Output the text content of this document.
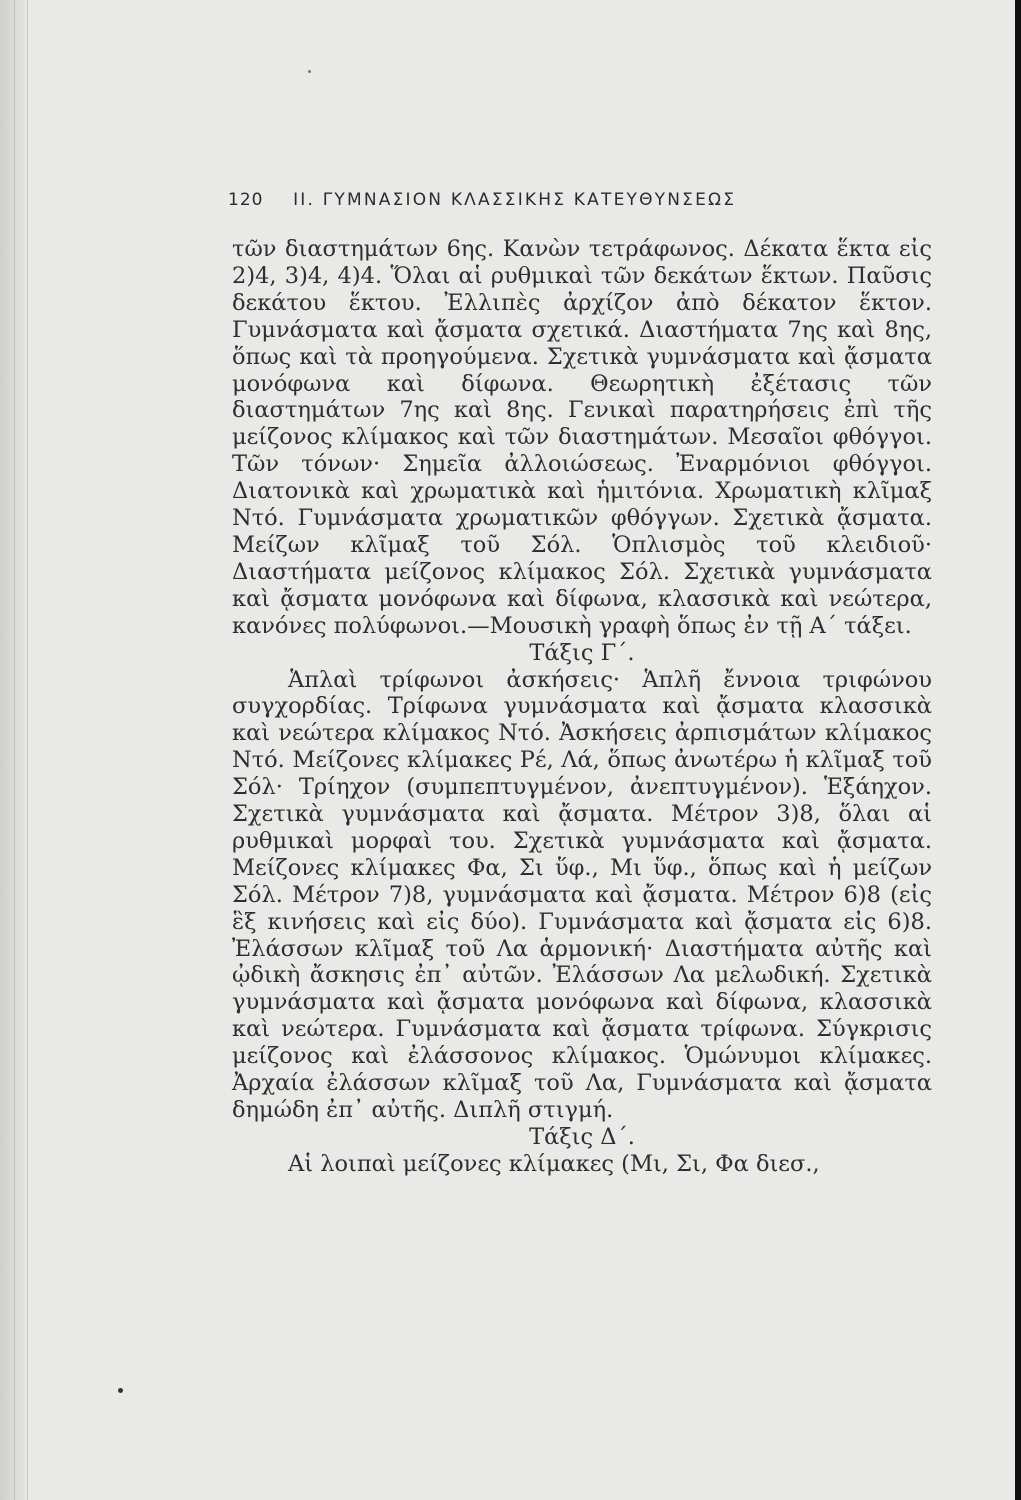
120 II. ΓΥΜΝΑΣΙΟΝ ΚΛΑΣΣΙΚΗΣ ΚΑΤΕΥΘΥΝΣΕΩΣ

τῶν διαστημάτων 6ης. Κανὼν τετράφωνος. Δέκατα ἕκτα εἰς 2)4, 3)4, 4)4. Ὅλαι αἱ ρυθμικαὶ τῶν δεκάτων ἕκτων. Παῦσις δεκάτου ἕκτου. Ἐλλιπὲς ἀρχίζον ἀπὸ δέκατον ἕκτον. Γυμνάσματα καὶ ᾄσματα σχετικά. Διαστήματα 7ης καὶ 8ης, ὅπως καὶ τὰ προηγούμενα. Σχετικὰ γυμνάσματα καὶ ᾄσματα μονόφωνα καὶ δίφωνα. Θεωρητικὴ ἐξέτασις τῶν διαστημάτων 7ης καὶ 8ης. Γενικαὶ παρατηρήσεις ἐπὶ τῆς μείζονος κλίμακος καὶ τῶν διαστημάτων. Μεσαῖοι φθόγγοι. Τῶν τόνων· Σημεῖα ἀλλοιώσεως. Ἐναρμόνιοι φθόγγοι. Διατονικὰ καὶ χρωματικὰ καὶ ἡμιτόνια. Χρωματικὴ κλῖμαξ Ντό. Γυμνάσματα χρωματικῶν φθόγγων. Σχετικὰ ᾄσματα. Μείζων κλῖμαξ τοῦ Σόλ. Ὁπλισμὸς τοῦ κλειδιοῦ· Διαστήματα μείζονος κλίμακος Σόλ. Σχετικὰ γυμνάσματα καὶ ᾄσματα μονόφωνα καὶ δίφωνα, κλασσικὰ καὶ νεώτερα, κανόνες πολύφωνοι.—Μουσικὴ γραφὴ ὅπως ἐν τῇ Α΄ τάξει.

Τάξις Γ΄.

Ἁπλαὶ τρίφωνοι ἀσκήσεις· Ἁπλῆ ἔννοια τριφώνου συγχορδίας. Τρίφωνα γυμνάσματα καὶ ᾄσματα κλασσικὰ καὶ νεώτερα κλίμακος Ντό. Ἀσκήσεις ἀρπισμάτων κλίμακος Ντό. Μείζονες κλίμακες Ρέ, Λά, ὅπως ἀνωτέρω ἡ κλῖμαξ τοῦ Σόλ· Τρίηχον (συμπεπτυγμένον, ἀνεπτυγμένον). Ἑξάηχον. Σχετικὰ γυμνάσματα καὶ ᾄσματα. Μέτρον 3)8, ὅλαι αἱ ρυθμικαὶ μορφαὶ του. Σχετικὰ γυμνάσματα καὶ ᾄσματα. Μείζονες κλίμακες Φα, Σι ὕφ., Μι ὕφ., ὅπως καὶ ἡ μείζων Σόλ. Μέτρον 7)8, γυμνάσματα καὶ ᾄσματα. Μέτρον 6)8 (εἰς ἓξ κινήσεις καὶ εἰς δύο). Γυμνάσματα καὶ ᾄσματα εἰς 6)8. Ἐλάσσων κλῖμαξ τοῦ Λα ἁρμονική· Διαστήματα αὐτῆς καὶ ᾠδικὴ ἄσκησις ἐπ᾽ αὐτῶν. Ἐλάσσων Λα μελωδική. Σχετικὰ γυμνάσματα καὶ ᾄσματα μονόφωνα καὶ δίφωνα, κλασσικὰ καὶ νεώτερα. Γυμνάσματα καὶ ᾄσματα τρίφωνα. Σύγκρισις μείζονος καὶ ἐλάσσονος κλίμακος. Ὁμώνυμοι κλίμακες. Ἀρχαία ἐλάσσων κλῖμαξ τοῦ Λα, Γυμνάσματα καὶ ᾄσματα δημώδη ἐπ᾽ αὐτῆς. Διπλῆ στιγμή.

Τάξις Δ΄.

Αἱ λοιπαὶ μείζονες κλίμακες (Μι, Σι, Φα διεσ.,
